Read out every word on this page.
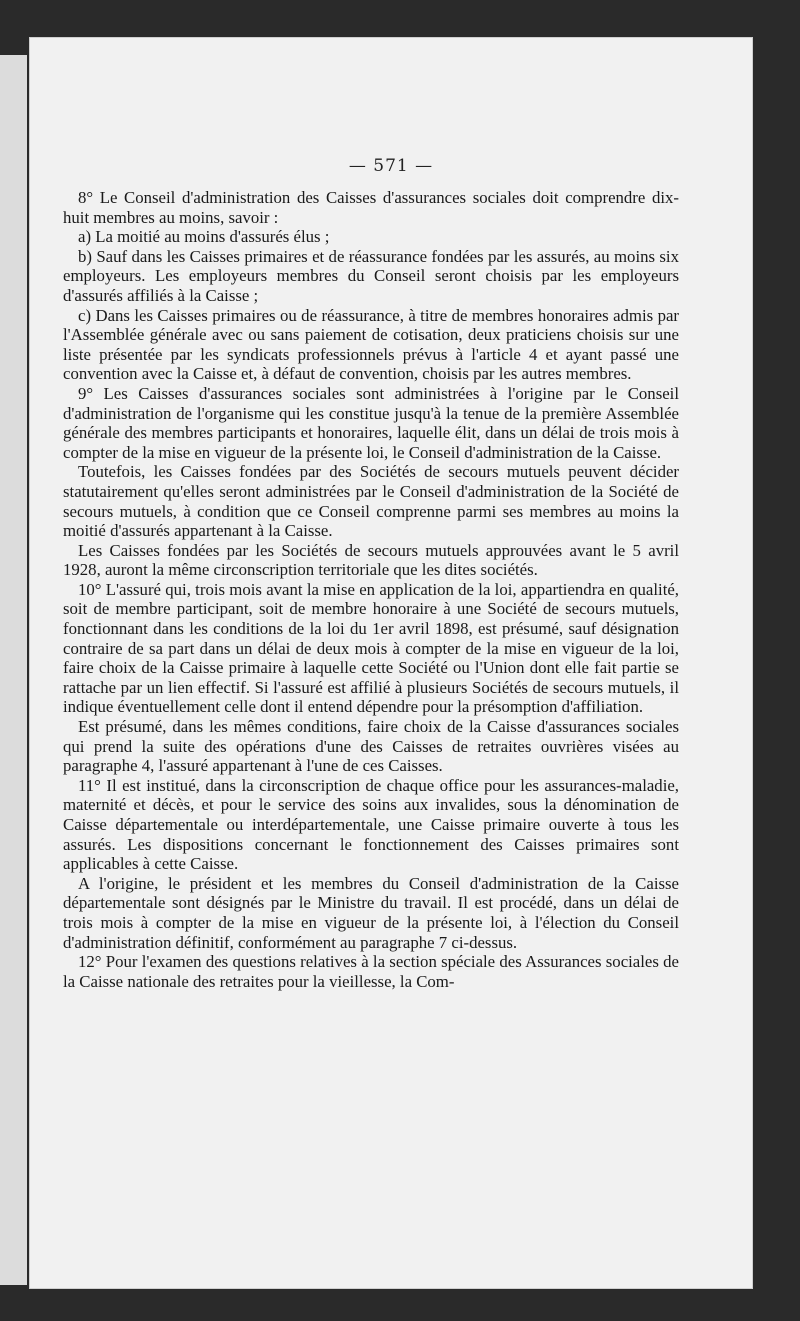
— 571 —

8° Le Conseil d'administration des Caisses d'assurances sociales doit comprendre dix-huit membres au moins, savoir :

a) La moitié au moins d'assurés élus ;

b) Sauf dans les Caisses primaires et de réassurance fondées par les assurés, au moins six employeurs. Les employeurs membres du Conseil seront choisis par les employeurs d'assurés affiliés à la Caisse ;

c) Dans les Caisses primaires ou de réassurance, à titre de membres honoraires admis par l'Assemblée générale avec ou sans paiement de cotisation, deux praticiens choisis sur une liste présentée par les syndicats professionnels prévus à l'article 4 et ayant passé une convention avec la Caisse et, à défaut de convention, choisis par les autres membres.

9° Les Caisses d'assurances sociales sont administrées à l'origine par le Conseil d'administration de l'organisme qui les constitue jusqu'à la tenue de la première Assemblée générale des membres participants et honoraires, laquelle élit, dans un délai de trois mois à compter de la mise en vigueur de la présente loi, le Conseil d'administration de la Caisse.

Toutefois, les Caisses fondées par des Sociétés de secours mutuels peuvent décider statutairement qu'elles seront administrées par le Conseil d'administration de la Société de secours mutuels, à condition que ce Conseil comprenne parmi ses membres au moins la moitié d'assurés appartenant à la Caisse.

Les Caisses fondées par les Sociétés de secours mutuels approuvées avant le 5 avril 1928, auront la même circonscription territoriale que les dites sociétés.

10° L'assuré qui, trois mois avant la mise en application de la loi, appartiendra en qualité, soit de membre participant, soit de membre honoraire à une Société de secours mutuels, fonctionnant dans les conditions de la loi du 1er avril 1898, est présumé, sauf désignation contraire de sa part dans un délai de deux mois à compter de la mise en vigueur de la loi, faire choix de la Caisse primaire à laquelle cette Société ou l'Union dont elle fait partie se rattache par un lien effectif. Si l'assuré est affilié à plusieurs Sociétés de secours mutuels, il indique éventuellement celle dont il entend dépendre pour la présomption d'affiliation.

Est présumé, dans les mêmes conditions, faire choix de la Caisse d'assurances sociales qui prend la suite des opérations d'une des Caisses de retraites ouvrières visées au paragraphe 4, l'assuré appartenant à l'une de ces Caisses.

11° Il est institué, dans la circonscription de chaque office pour les assurances-maladie, maternité et décès, et pour le service des soins aux invalides, sous la dénomination de Caisse départementale ou interdépartementale, une Caisse primaire ouverte à tous les assurés. Les dispositions concernant le fonctionnement des Caisses primaires sont applicables à cette Caisse.

A l'origine, le président et les membres du Conseil d'administration de la Caisse départementale sont désignés par le Ministre du travail. Il est procédé, dans un délai de trois mois à compter de la mise en vigueur de la présente loi, à l'élection du Conseil d'administration définitif, conformément au paragraphe 7 ci-dessus.

12° Pour l'examen des questions relatives à la section spéciale des Assurances sociales de la Caisse nationale des retraites pour la vieillesse, la Com-
